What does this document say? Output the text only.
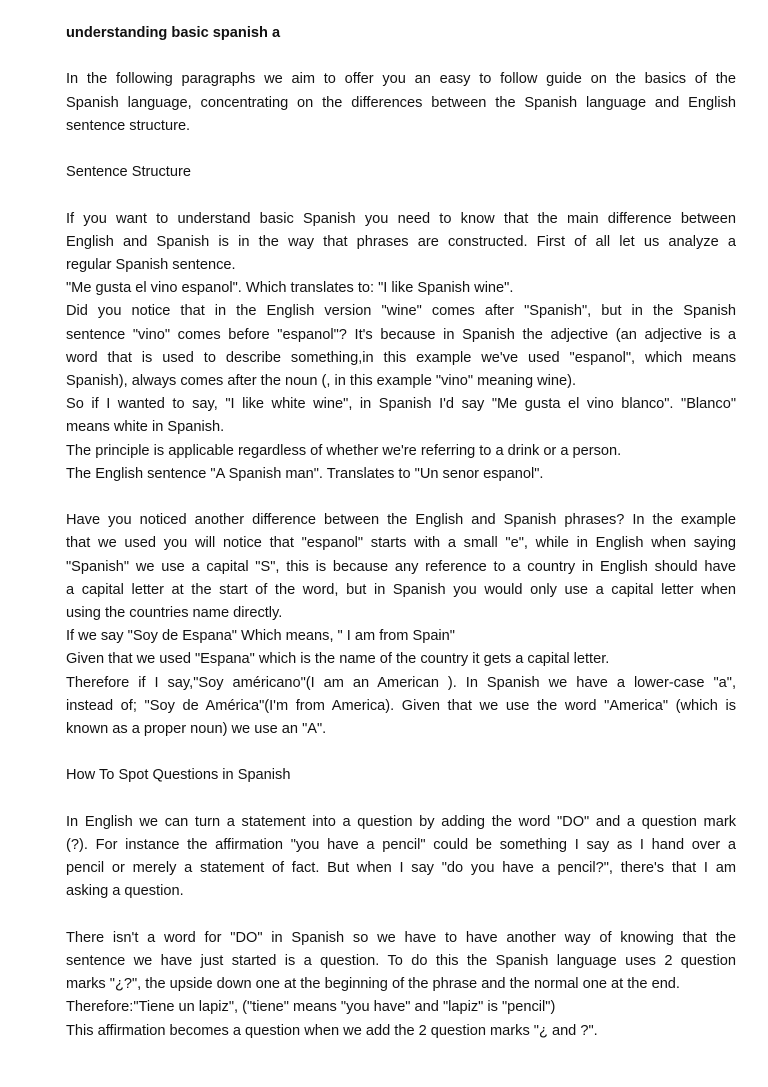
understanding basic spanish a
In the following paragraphs we aim to offer you an easy to follow guide on the basics of the
Spanish language, concentrating on the differences between the Spanish language and English
sentence structure.
Sentence Structure
If you want to understand basic Spanish you need to know that the main difference between
English and Spanish is in the way that phrases are constructed. First of all let us analyze a
regular Spanish sentence.
"Me gusta el vino espanol". Which translates to: "I like Spanish wine".
Did you notice that in the English version "wine" comes after "Spanish", but in the Spanish
sentence "vino" comes before "espanol"? It's because in Spanish the adjective (an adjective is a
word that is used to describe something,in this example we've used "espanol", which means
Spanish), always comes after the noun (, in this example "vino" meaning wine).
So if I wanted to say, "I like white wine", in Spanish I'd say "Me gusta el vino blanco". "Blanco"
means white in Spanish.
The principle is applicable regardless of whether we're referring to a drink or a person.
The English sentence "A Spanish man". Translates to "Un senor espanol".
Have you noticed another difference between the English and Spanish phrases? In the example
that we used you will notice that "espanol" starts with a small "e", while in English when saying
"Spanish" we use a capital "S", this is because any reference to a country in English should have
a capital letter at the start of the word, but in Spanish you would only use a capital letter when
using the countries name directly.
If we say "Soy de Espana" Which means, " I am from Spain"
Given that we used "Espana" which is the name of the country it gets a capital letter.
Therefore if I say,"Soy américano"(I am an American ). In Spanish we have a lower-case "a",
instead of; "Soy de América"(I'm from America). Given that we use the word "America" (which is
known as a proper noun) we use an "A".
How To Spot Questions in Spanish
In English we can turn a statement into a question by adding the word "DO" and a question mark
(?). For instance the affirmation "you have a pencil" could be something I say as I hand over a
pencil or merely a statement of fact. But when I say "do you have a pencil?", there's that I am
asking a question.
There isn't a word for "DO" in Spanish so we have to have another way of knowing that the
sentence we have just started is a question. To do this the Spanish language uses 2 question
marks "¿?", the upside down one at the beginning of the phrase and the normal one at the end.
Therefore:"Tiene un lapiz", ("tiene" means "you have" and "lapiz" is "pencil")
This affirmation becomes a question when we add the 2 question marks "¿ and ?".
